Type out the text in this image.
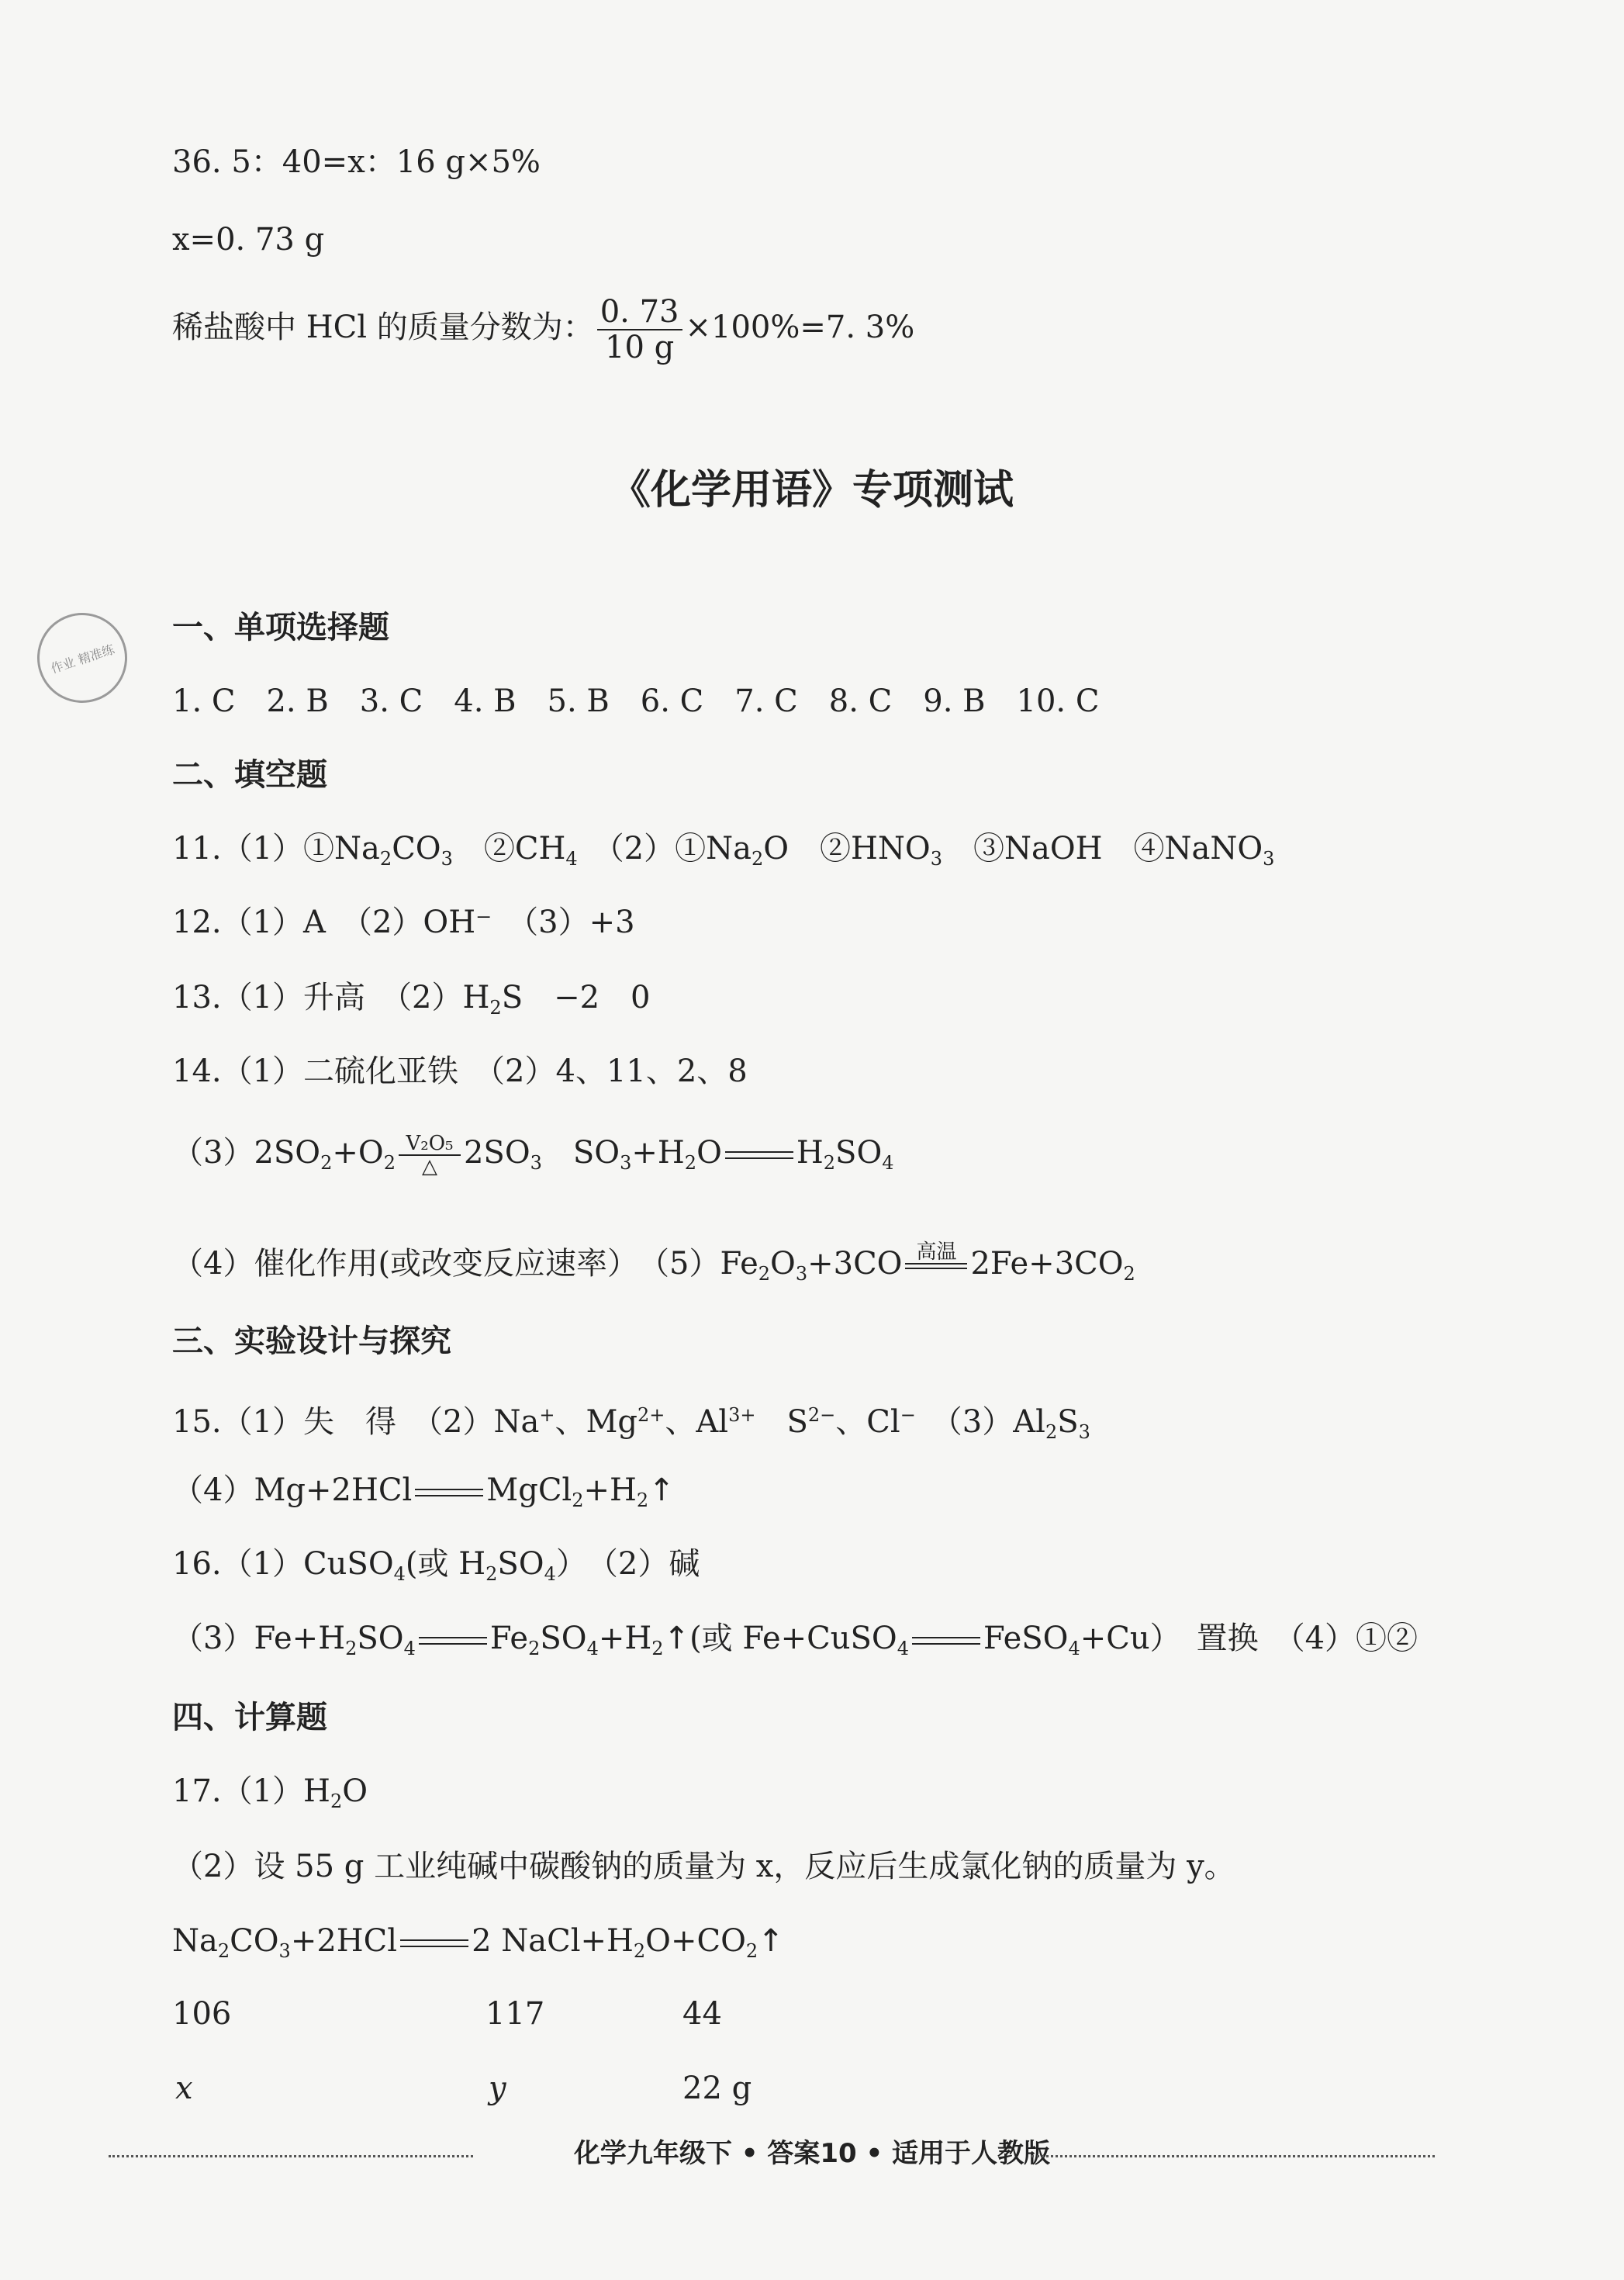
36. 5：40=x：16 g×5%
x=0. 73 g
稀盐酸中 HCl 的质量分数为： $\frac{0. 73}{10 g} \times 100\%=7$. 3%
《化学用语》专项测试
作业 精准练
一、单项选择题
1. C　2. B　3. C　4. B　5. B　6. C　7. C　8. C　9. B　10. C
二、填空题
$11.(1)①Na_2CO_3$　$②CH_4$　$(2)①Na_2O$　$②HNO_3$　③NaOH　④NaNO$_3$
12.（1）A　（2）OH⁻　（3）+3
13.（1）升高　$(2)H_2S$　−2　0
14.（1）二硫化亚铁　（2）4、11、2、8
$(3)2SO_2+O_2$
V₂O₅
△ $2SO_3$　$SO_3+H_2O$ $H_2SO_4$
（4）催化作用(或改变反应速率）　$(5)Fe_2O_3+3CO$ 高温
$2Fe+3CO_2$
三、实验设计与探究
15.（1）失　得　（2）Na+、$Mg^{2+}$、$Al^{3+}$　$S^{2-}$、Cl−　$(3)Al_2S_3$
（4）Mg+2HCl $MgCl_2+H_2↑$
16.（1）CuSO$_4$(或 $H_2SO_4$）　（2）碱
$(3)Fe+H_2SO_4$ $Fe_2SO_4+H_2↑$(或 Fe+CuSO$_4$ FeSO$_4$+Cu）　置换　（4）①②
四、计算题
$17.(1)H_2O$
（2）设 55 g 工业纯碱中碳酸钠的质量为 x，反应后生成氯化钠的质量为 y。
$Na_2CO_3+2HCl$ 2 $NaCl+H_2O+CO_2↑$
106	117	44
x	y	22 g
化学九年级下 • 答案10 • 适用于人教版
